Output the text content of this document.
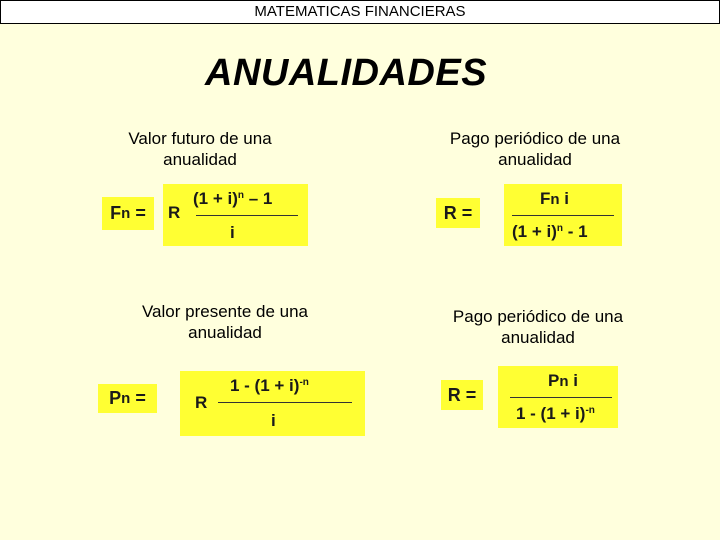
MATEMATICAS FINANCIERAS
ANUALIDADES
Valor futuro de una
anualidad
F n
= R
$(1 + i)^n - 1$
i
Pago periódico de una
anualidad
R =
Fn i
$(1 + i)^n - 1$
Valor presente de una
anualidad
P n
=	R
$1 - (1 + i)^{-n}$
i
Pago periódico de una
anualidad
R =
Pn i
$1 - (1 + i)^{-n}$
